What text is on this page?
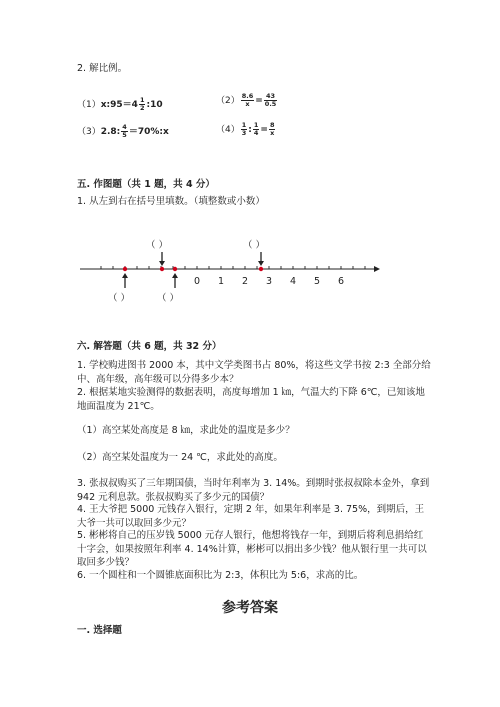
2. 解比例。
（1）x:95＝4 $\frac{1}{2}$ :10	$(2) \frac{8.6}{x} = \frac{43}{0.5}$
（3）2.8: $\frac{4}{5}$ ＝70%:x	$(4) \frac{1}{3}$ : $\frac{1}{4} = \frac{8}{x}$
五. 作图题（共 1 题，共 4 分）
1. 从左到右在括号里填数。（填整数或小数）
（ ）	（ ）
0 1 2 3 4 5 6
（ ）	（ ）
六. 解答题（共 6 题，共 32 分）
1. 学校购进图书 2000 本，其中文学类图书占 80%，将这些文学书按 2:3 全部分给中、高年级，高年级可以分得多少本？
2. 根据某地实验测得的数据表明，高度每增加 1 ㎞，气温大约下降 6℃，已知该地地面温度为 21℃。
（1）高空某处高度是 8 ㎞，求此处的温度是多少？
（2）高空某处温度为一 24 ℃，求此处的高度。
3. 张叔叔购买了三年期国债，当时年利率为 3. 14%。到期时张叔叔除本金外，拿到 942 元利息款。张叔叔购买了多少元的国债？
4. 王大爷把 5000 元钱存入银行，定期 2 年，如果年利率是 3. 75%，到期后，王大爷一共可以取回多少元？
5. 彬彬将自己的压岁钱 5000 元存人银行，他想将钱存一年，到期后将利息捐给红十字会，如果按照年利率 4. 14%计算，彬彬可以捐出多少钱？他从银行里一共可以取回多少钱？
6. 一个圆柱和一个圆锥底面积比为 2:3，体积比为 5:6，求高的比。
参考答案
一. 选择题
